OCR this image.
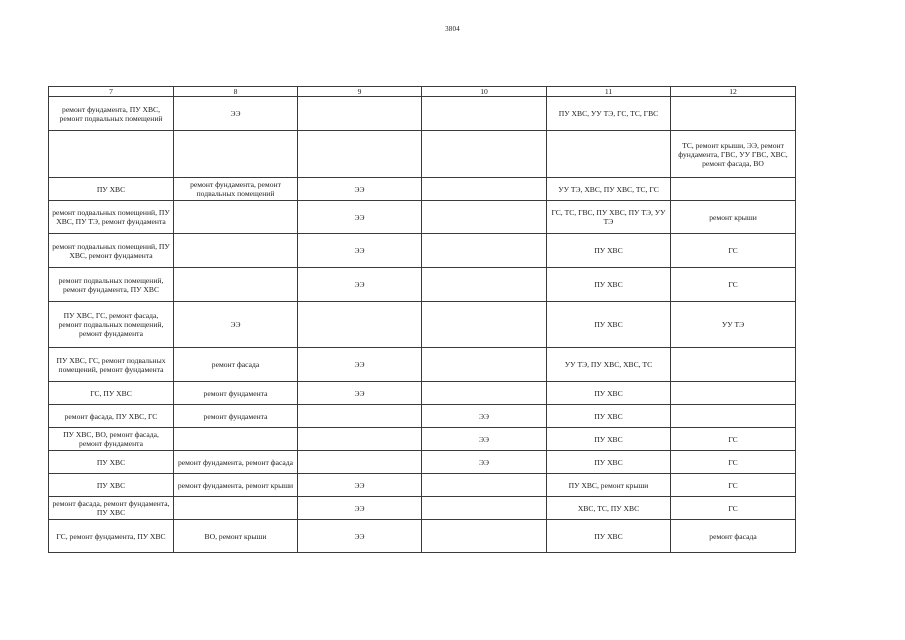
3804
7	8	9	10	11	12
ремонт фундамента, ПУ ХВС, ремонт подвальных помещений	ЭЭ			ПУ ХВС, УУ ТЭ, ГС, ТС, ГВС	
					ТС, ремонт крыши, ЭЭ, ремонт фундамента, ГВС, УУ ГВС, ХВС, ремонт фасада, ВО
ПУ ХВС	ремонт фундамента, ремонт подвальных помещений	ЭЭ		УУ ТЭ, ХВС, ПУ ХВС, ТС, ГС	
ремонт подвальных помещений, ПУ ХВС, ПУ ТЭ, ремонт фундамента		ЭЭ		ГС, ТС, ГВС, ПУ ХВС, ПУ ТЭ, УУ ТЭ	ремонт крыши
ремонт подвальных помещений, ПУ ХВС, ремонт фундамента		ЭЭ		ПУ ХВС	ГС
ремонт подвальных помещений, ремонт фундамента, ПУ ХВС		ЭЭ		ПУ ХВС	ГС
ПУ ХВС, ГС, ремонт фасада, ремонт подвальных помещений, ремонт фундамента	ЭЭ			ПУ ХВС	УУ ТЭ
ПУ ХВС, ГС, ремонт подвальных помещений, ремонт фундамента	ремонт фасада	ЭЭ		УУ ТЭ, ПУ ХВС, ХВС, ТС	
ГС, ПУ ХВС	ремонт фундамента	ЭЭ		ПУ ХВС	
ремонт фасада, ПУ ХВС, ГС	ремонт фундамента		ЭЭ	ПУ ХВС	
ПУ ХВС, ВО, ремонт фасада, ремонт фундамента			ЭЭ	ПУ ХВС	ГС
ПУ ХВС	ремонт фундамента, ремонт фасада		ЭЭ	ПУ ХВС	ГС
ПУ ХВС	ремонт фундамента, ремонт крыши	ЭЭ		ПУ ХВС, ремонт крыши	ГС
ремонт фасада, ремонт фундамента, ПУ ХВС		ЭЭ		ХВС, ТС, ПУ ХВС	ГС
ГС, ремонт фундамента, ПУ ХВС	ВО, ремонт крыши	ЭЭ		ПУ ХВС	ремонт фасада
